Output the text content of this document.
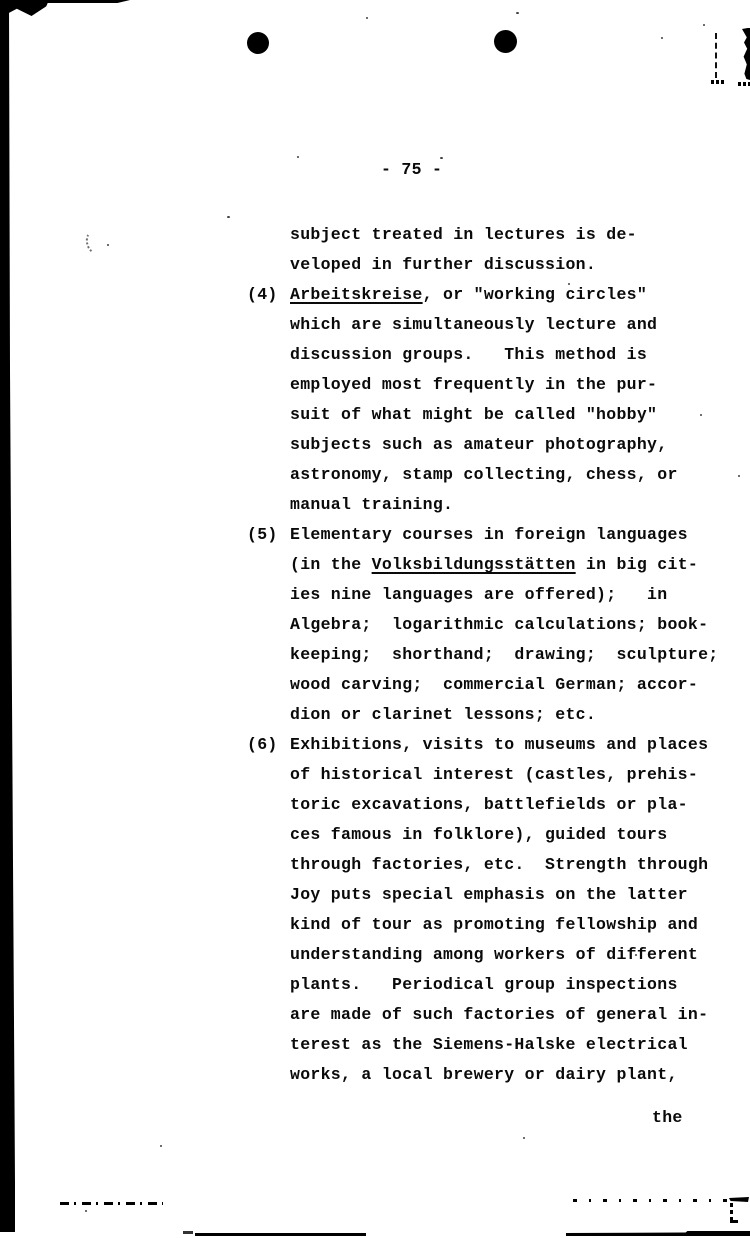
- 75 -
subject treated in lectures is de-
veloped in further discussion.
(4) Arbeitskreise, or "working circles"
which are simultaneously lecture and
discussion groups.   This method is
employed most frequently in the pur-
suit of what might be called "hobby"
subjects such as amateur photography,
astronomy, stamp collecting, chess, or
manual training.
(5) Elementary courses in foreign languages
(in the Volksbildungsstätten in big cit-
ies nine languages are offered);   in
Algebra;  logarithmic calculations; book-
keeping;  shorthand;  drawing;  sculpture;
wood carving;  commercial German; accor-
dion or clarinet lessons; etc.
(6) Exhibitions, visits to museums and places
of historical interest (castles, prehis-
toric excavations, battlefields or pla-
ces famous in folklore), guided tours
through factories, etc.  Strength through
Joy puts special emphasis on the latter
kind of tour as promoting fellowship and
understanding among workers of different
plants.   Periodical group inspections
are made of such factories of general in-
terest as the Siemens-Halske electrical
works, a local brewery or dairy plant,
the
